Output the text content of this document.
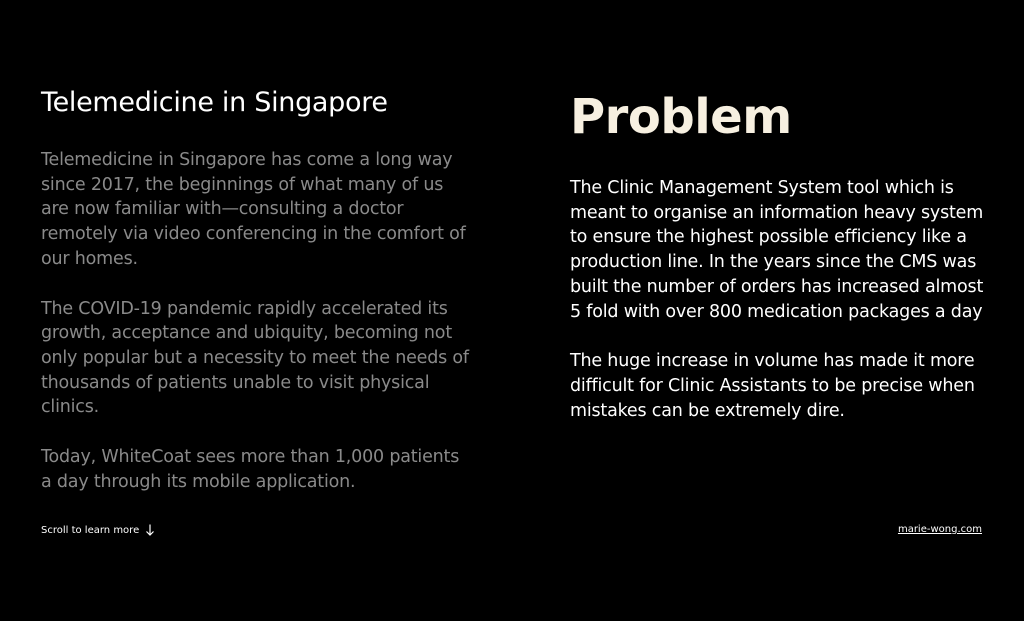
Telemedicine in Singapore

Telemedicine in Singapore has come a long way since 2017, the beginnings of what many of us are now familiar with—consulting a doctor remotely via video conferencing in the comfort of our homes.

The COVID-19 pandemic rapidly accelerated its growth, acceptance and ubiquity, becoming not only popular but a necessity to meet the needs of thousands of patients unable to visit physical clinics.

Today, WhiteCoat sees more than 1,000 patients a day through its mobile application.

Problem

The Clinic Management System tool which is meant to organise an information heavy system to ensure the highest possible efficiency like a production line. In the years since the CMS was built the number of orders has increased almost 5 fold with over 800 medication packages a day

The huge increase in volume has made it more difficult for Clinic Assistants to be precise when mistakes can be extremely dire.

Scroll to learn more	marie-wong.com
